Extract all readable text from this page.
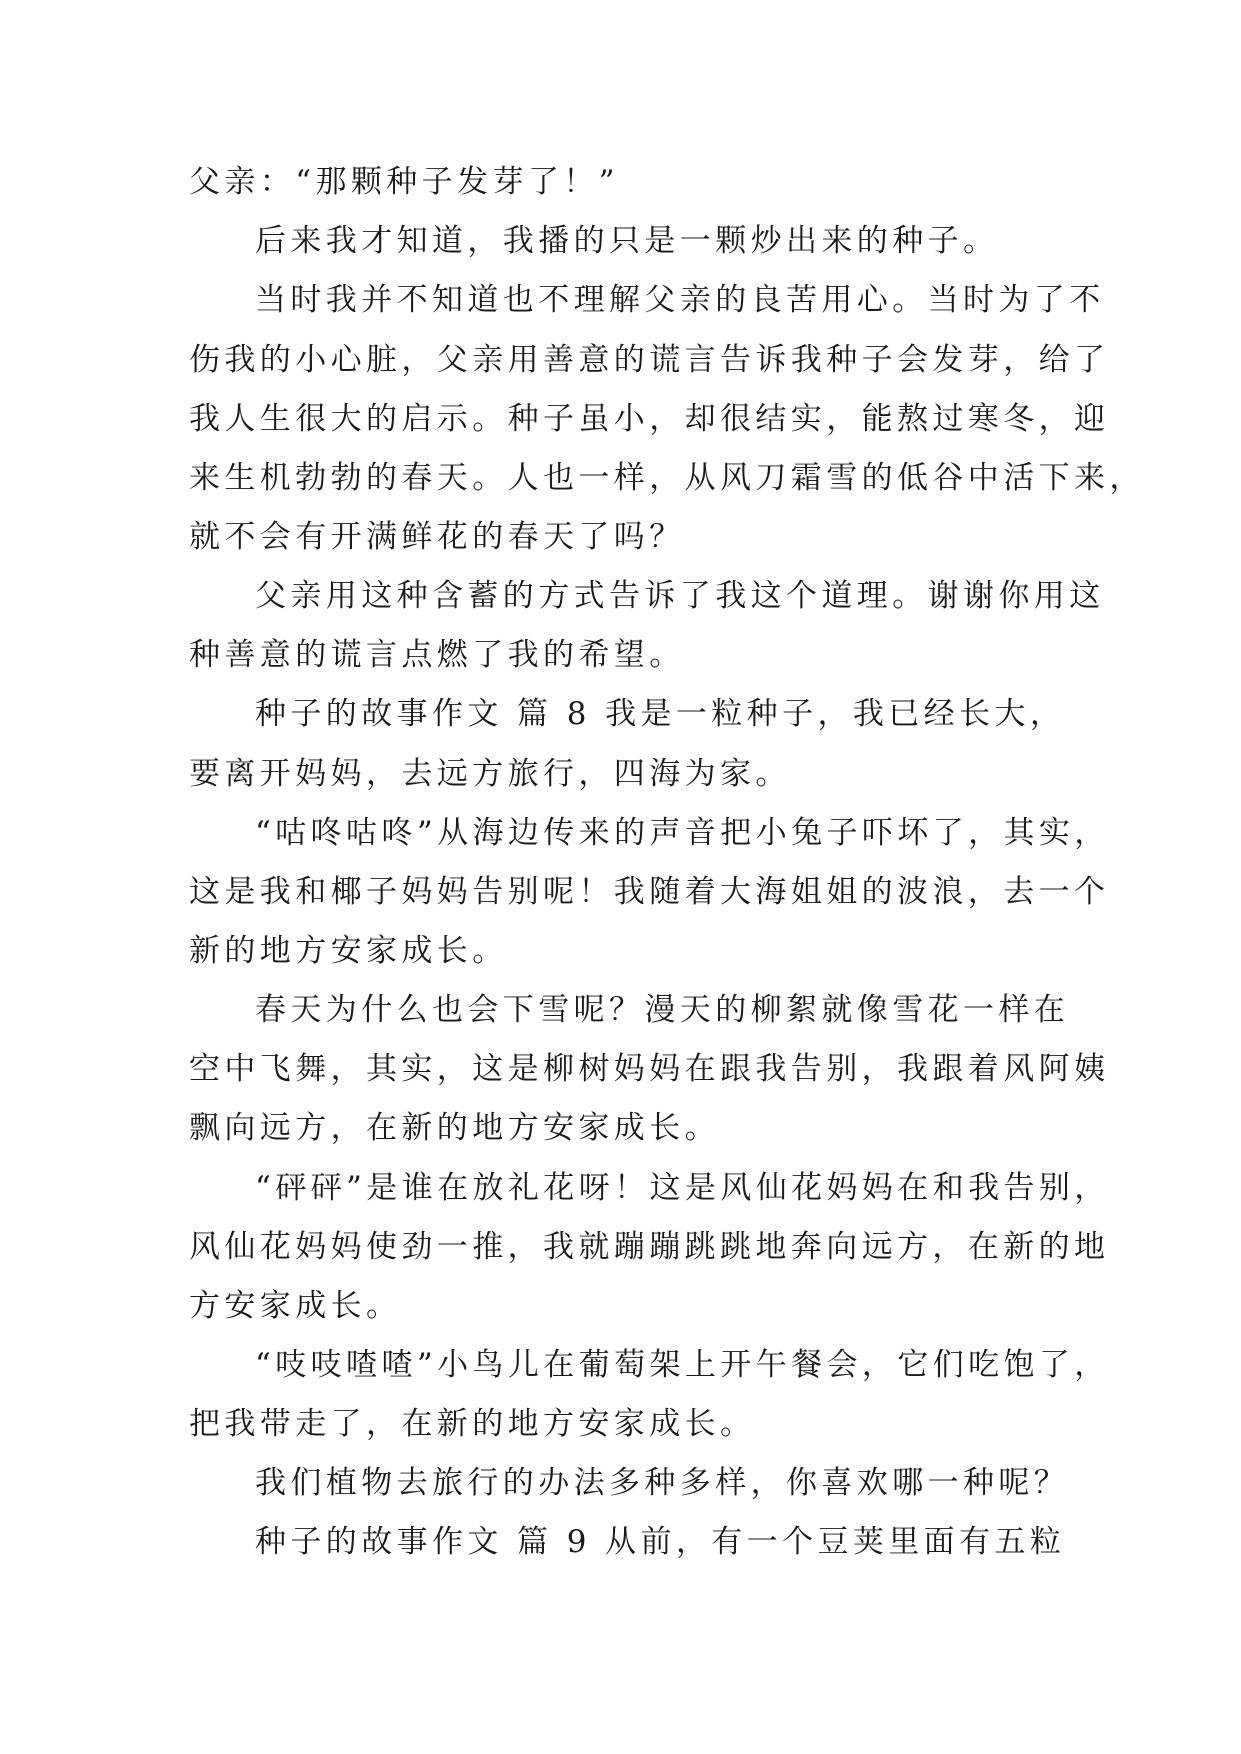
父亲：“那颗种子发芽了！”
后来我才知道，我播的只是一颗炒出来的种子。
当时我并不知道也不理解父亲的良苦用心。当时为了不
伤我的小心脏，父亲用善意的谎言告诉我种子会发芽，给了
我人生很大的启示。种子虽小，却很结实，能熬过寒冬，迎
来生机勃勃的春天。人也一样，从风刀霜雪的低谷中活下来，
就不会有开满鲜花的春天了吗？
父亲用这种含蓄的方式告诉了我这个道理。谢谢你用这
种善意的谎言点燃了我的希望。
种子的故事作文 篇 8 我是一粒种子，我已经长大，
要离开妈妈，去远方旅行，四海为家。
“咕咚咕咚”从海边传来的声音把小兔子吓坏了，其实，
这是我和椰子妈妈告别呢！我随着大海姐姐的波浪，去一个
新的地方安家成长。
春天为什么也会下雪呢？漫天的柳絮就像雪花一样在
空中飞舞，其实，这是柳树妈妈在跟我告别，我跟着风阿姨
飘向远方，在新的地方安家成长。
“砰砰”是谁在放礼花呀！这是风仙花妈妈在和我告别，
风仙花妈妈使劲一推，我就蹦蹦跳跳地奔向远方，在新的地
方安家成长。
“吱吱喳喳”小鸟儿在葡萄架上开午餐会，它们吃饱了，
把我带走了，在新的地方安家成长。
我们植物去旅行的办法多种多样，你喜欢哪一种呢？
种子的故事作文 篇 9 从前，有一个豆荚里面有五粒
